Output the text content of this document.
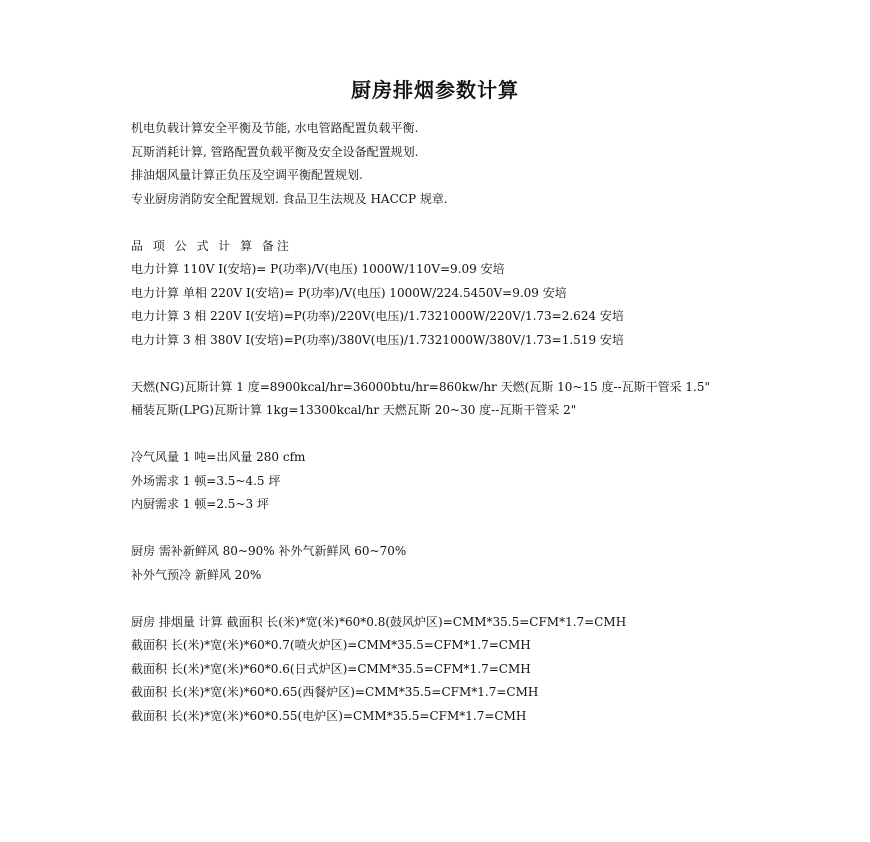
厨房排烟参数计算

机电负载计算安全平衡及节能, 水电管路配置负载平衡.

瓦斯消耗计算, 管路配置负载平衡及安全设备配置规划.

排油烟风量计算正负压及空调平衡配置规划.

专业厨房消防安全配置规划. 食品卫生法规及 HACCP 规章.

品 项 公 式 计 算 备注

电力计算 110V I(安培)= P(功率)/V(电压) 1000W/110V=9.09 安培

电力计算 单相 220V I(安培)= P(功率)/V(电压) 1000W/224.5450V=9.09 安培

电力计算 3 相 220V I(安培)=P(功率)/220V(电压)/1.7321000W/220V/1.73=2.624 安培

电力计算 3 相 380V I(安培)=P(功率)/380V(电压)/1.7321000W/380V/1.73=1.519 安培

天燃(NG)瓦斯计算 1 度=8900kcal/hr=36000btu/hr=860kw/hr 天燃(瓦斯 10~15 度--瓦斯干管采 1.5"

桶装瓦斯(LPG)瓦斯计算 1kg=13300kcal/hr 天燃瓦斯 20~30 度--瓦斯干管采 2"

冷气风量 1 吨=出风量 280 cfm

外场需求 1 顿=3.5~4.5 坪

内厨需求 1 顿=2.5~3 坪

厨房 需补新鲜风 80~90% 补外气新鲜风 60~70%

补外气预冷 新鲜风 20%

厨房 排烟量 计算 截面积 长(米)*宽(米)*60*0.8(鼓风炉区)=CMM*35.5=CFM*1.7=CMH

截面积 长(米)*宽(米)*60*0.7(喷火炉区)=CMM*35.5=CFM*1.7=CMH

截面积 长(米)*宽(米)*60*0.6(日式炉区)=CMM*35.5=CFM*1.7=CMH

截面积 长(米)*宽(米)*60*0.65(西餐炉区)=CMM*35.5=CFM*1.7=CMH

截面积 长(米)*宽(米)*60*0.55(电炉区)=CMM*35.5=CFM*1.7=CMH
